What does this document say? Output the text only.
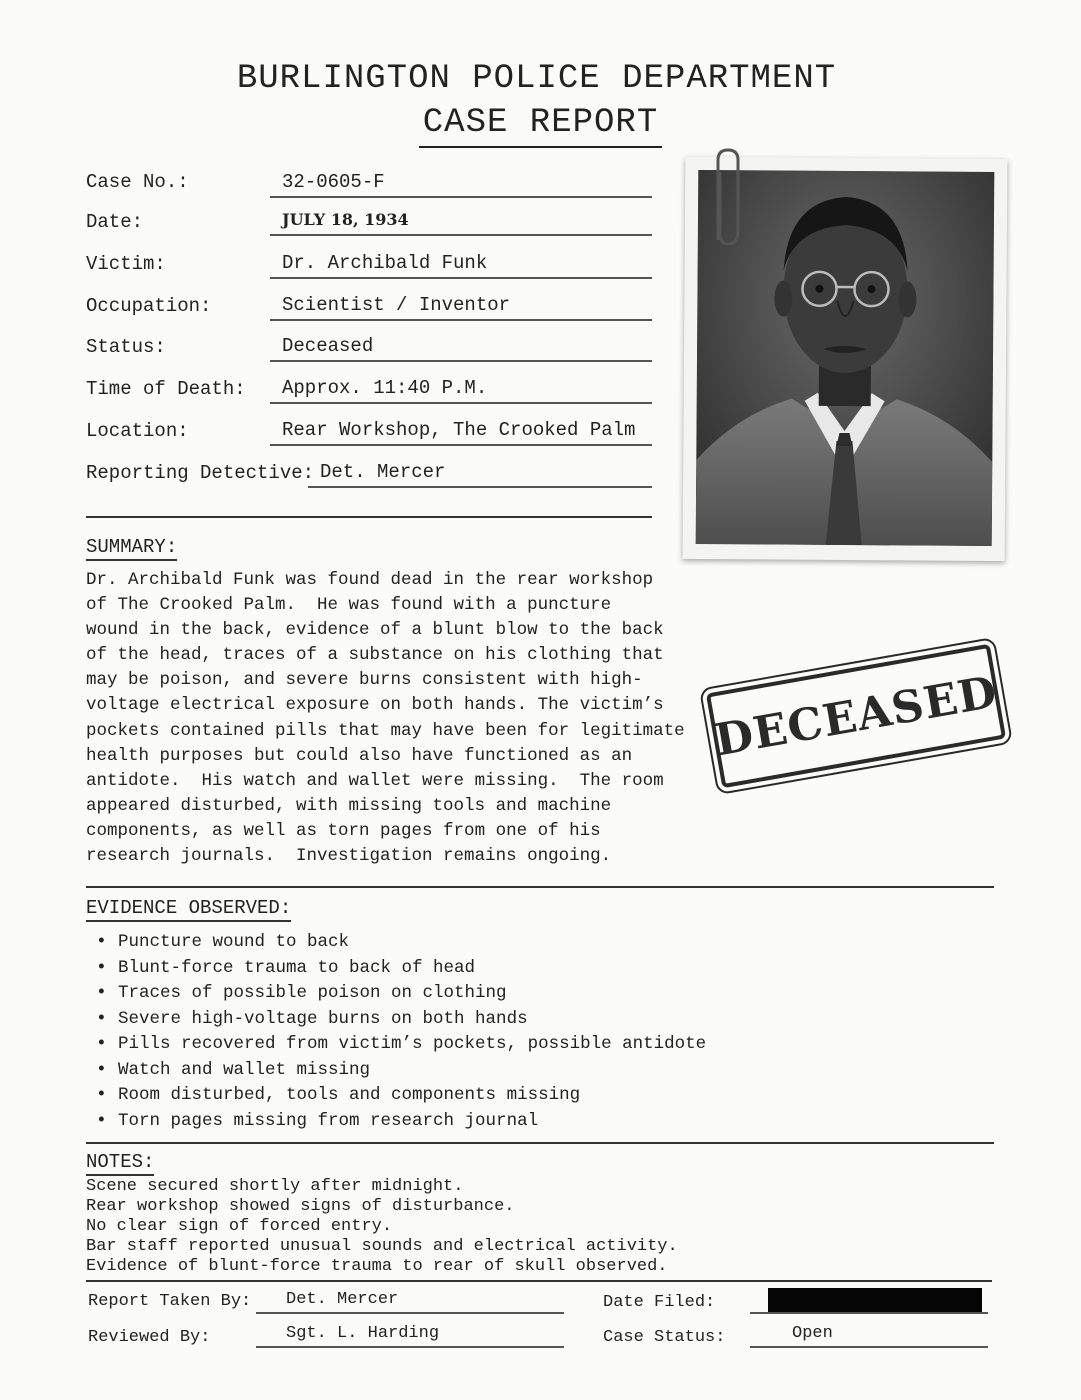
BURLINGTON POLICE DEPARTMENT
CASE REPORT
Case No.:	32-0605-F
Date:	JULY 18, 1934
Victim:	Dr. Archibald Funk
Occupation:	Scientist / Inventor
Status:	Deceased
Time of Death:	Approx. 11:40 P.M.
Location:	Rear Workshop, The Crooked Palm
Reporting Detective: Det. Mercer
DECEASED
SUMMARY:
Dr. Archibald Funk was found dead in the rear workshop
of The Crooked Palm.  He was found with a puncture
wound in the back, evidence of a blunt blow to the back
of the head, traces of a substance on his clothing that
may be poison, and severe burns consistent with high-
voltage electrical exposure on both hands. The victim’s
pockets contained pills that may have been for legitimate
health purposes but could also have functioned as an
antidote.  His watch and wallet were missing.  The room
appeared disturbed, with missing tools and machine
components, as well as torn pages from one of his
research journals.  Investigation remains ongoing.
EVIDENCE OBSERVED:
• Puncture wound to back
• Blunt-force trauma to back of head
• Traces of possible poison on clothing
• Severe high-voltage burns on both hands
• Pills recovered from victim’s pockets, possible antidote
• Watch and wallet missing
• Room disturbed, tools and components missing
• Torn pages missing from research journal
NOTES:
Scene secured shortly after midnight.
Rear workshop showed signs of disturbance.
No clear sign of forced entry.
Bar staff reported unusual sounds and electrical activity.
Evidence of blunt-force trauma to rear of skull observed.
Report Taken By:	Det. Mercer
Reviewed By:	Sgt. L. Harding
Date Filed:
Case Status:	Open
